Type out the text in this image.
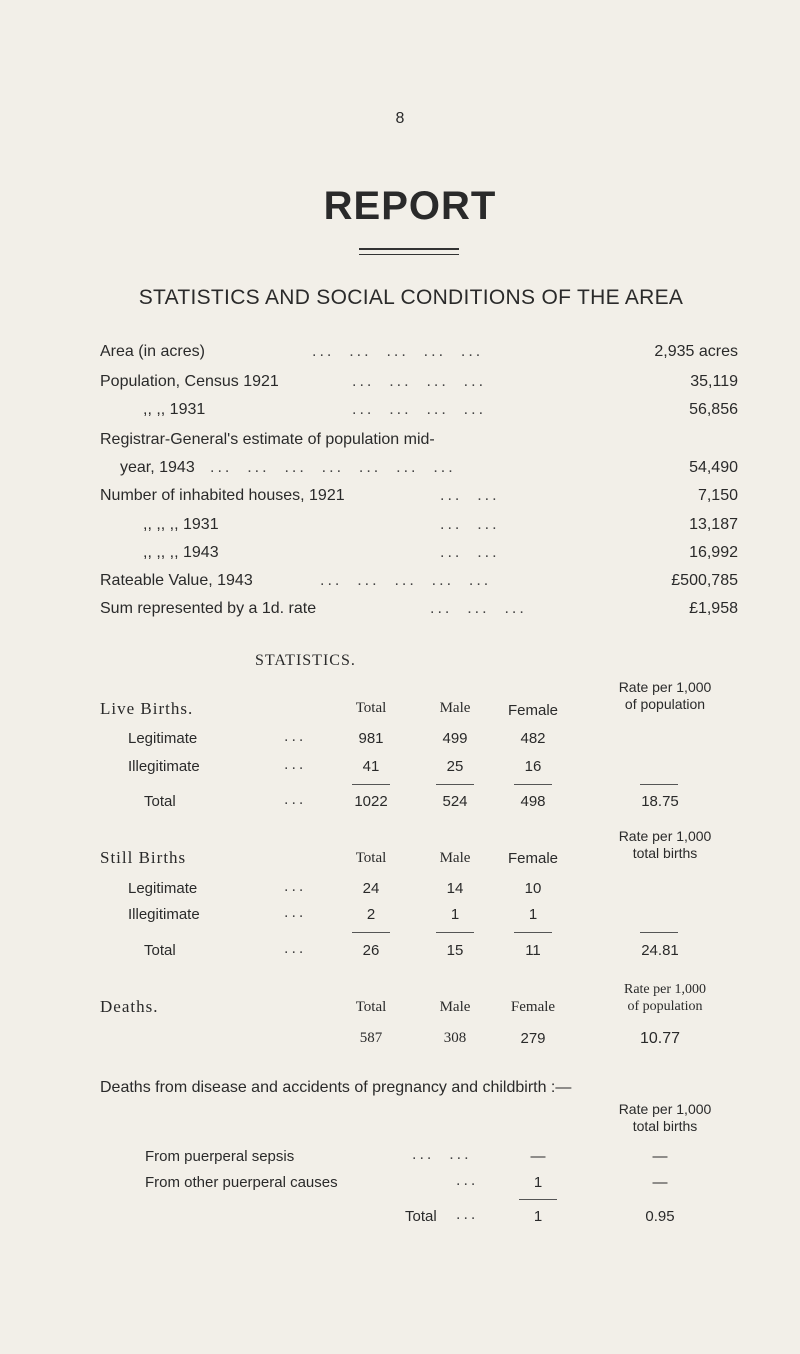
8
REPORT
STATISTICS AND SOCIAL CONDITIONS OF THE AREA
Area (in acres)	...  ...  ...  ...  ...	2,935 acres
Population, Census 1921	...  ...  ...  ...	35,119
,, ,, 1931	...  ...  ...  ...	56,856
Registrar-General's estimate of population mid-
year, 1943 ...  ...  ...  ...  ...  ...  ...	54,490
Number of inhabited houses, 1921	...  ...	7,150
,, ,, ,, 1931	...  ...	13,187
,, ,, ,, 1943	...  ...	16,992
Rateable Value, 1943	...  ...  ...  ...  ...	£500,785
Sum represented by a 1d. rate	...  ...  ...	£1,958
STATISTICS.
Live Births.	Total	Male	Female
Rate per 1,000
of population
Legitimate	...	981	499	482
Illegitimate	...	41	25	16
Total	...	1022	524	498	18.75
Still Births	Total	Male	Female
Rate per 1,000
total births
Legitimate	...	24	14	10
Illegitimate	...	2	1	1
Total	...	26	15	11	24.81
Deaths.	Total	Male	Female
Rate per 1,000
of population
587	308	279	10.77
Deaths from disease and accidents of pregnancy and childbirth :—
Rate per 1,000
total births
From puerperal sepsis	...  ...	—	—
From other puerperal causes	...	1	—
Total ...	1	0.95
